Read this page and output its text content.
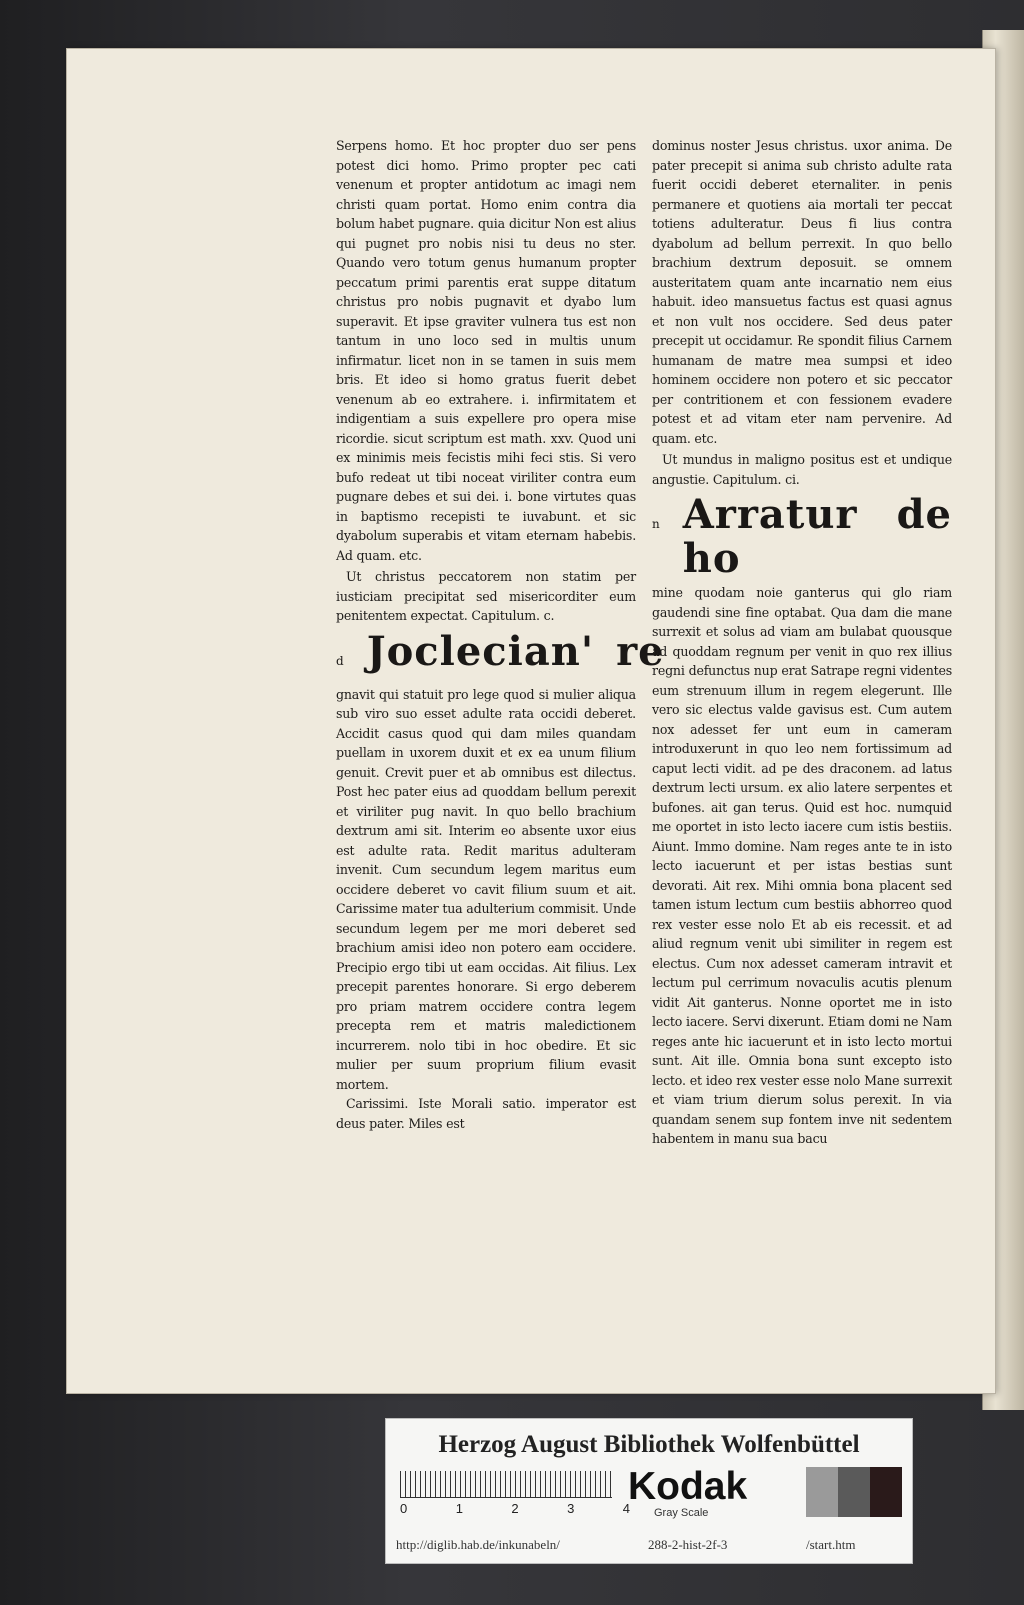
Serpens homo. Et hoc propter duo ser pens potest dici homo. Primo propter pec cati venenum et propter antidotum ac imagi nem christi quam portat. Homo enim contra dia bolum habet pugnare. quia dicitur Non est alius qui pugnet pro nobis nisi tu deus no ster. Quando vero totum genus humanum propter peccatum primi parentis erat suppe ditatum christus pro nobis pugnavit et dyabo lum superavit. Et ipse graviter vulnera tus est non tantum in uno loco sed in multis unum infirmatur. licet non in se tamen in suis mem bris. Et ideo si homo gratus fuerit debet venenum ab eo extrahere. i. infirmitatem et indigentiam a suis expellere pro opera mise ricordie. sicut scriptum est math. xxv. Quod uni ex minimis meis fecistis mihi feci stis. Si vero bufo redeat ut tibi noceat viriliter contra eum pugnare debes et sui dei. i. bone virtutes quas in baptismo recepisti te iuvabunt. et sic dyabolum superabis et vitam eternam habebis. Ad quam. etc.

Ut christus peccatorem non statim per iusticiam precipitat sed misericorditer eum penitentem expectat. Capitulum. c.

d Joclecian' re

gnavit qui statuit pro lege quod si mulier aliqua sub viro suo esset adulte rata occidi deberet. Accidit casus quod qui dam miles quandam puellam in uxorem duxit et ex ea unum filium genuit. Crevit puer et ab omnibus est dilectus. Post hec pater eius ad quoddam bellum perexit et viriliter pug navit. In quo bello brachium dextrum ami sit. Interim eo absente uxor eius est adulte rata. Redit maritus adulteram invenit. Cum secundum legem maritus eum occidere deberet vo cavit filium suum et ait. Carissime mater tua adulterium commisit. Unde secundum legem per me mori deberet sed brachium amisi ideo non potero eam occidere. Precipio ergo tibi ut eam occidas. Ait filius. Lex precepit parentes honorare. Si ergo deberem pro priam matrem occidere contra legem precepta rem et matris maledictionem incurrerem. nolo tibi in hoc obedire. Et sic mulier per suum proprium filium evasit mortem.

Carissimi. Iste Morali satio. imperator est deus pater. Miles est

dominus noster Jesus christus. uxor anima. De pater precepit si anima sub christo adulte rata fuerit occidi deberet eternaliter. in penis permanere et quotiens aia mortali ter peccat totiens adulteratur. Deus fi lius contra dyabolum ad bellum perrexit. In quo bello brachium dextrum deposuit. se omnem austeritatem quam ante incarnatio nem eius habuit. ideo mansuetus factus est quasi agnus et non vult nos occidere. Sed deus pater precepit ut occidamur. Re spondit filius Carnem humanam de matre mea sumpsi et ideo hominem occidere non potero et sic peccator per contritionem et con fessionem evadere potest et ad vitam eter nam pervenire. Ad quam. etc.

Ut mundus in maligno positus est et undique angustie. Capitulum. ci.

n Arratur de ho

mine quodam noie ganterus qui glo riam gaudendi sine fine optabat. Qua dam die mane surrexit et solus ad viam am bulabat quousque ad quoddam regnum per venit in quo rex illius regni defunctus nup erat Satrape regni videntes eum strenuum illum in regem elegerunt. Ille vero sic electus valde gavisus est. Cum autem nox adesset fer unt eum in cameram introduxerunt in quo leo nem fortissimum ad caput lecti vidit. ad pe des draconem. ad latus dextrum lecti ursum. ex alio latere serpentes et bufones. ait gan terus. Quid est hoc. numquid me oportet in isto lecto iacere cum istis bestiis. Aiunt. Immo domine. Nam reges ante te in isto lecto iacuerunt et per istas bestias sunt devorati. Ait rex. Mihi omnia bona placent sed tamen istum lectum cum bestiis abhorreo quod rex vester esse nolo Et ab eis recessit. et ad aliud regnum venit ubi similiter in regem est electus. Cum nox adesset cameram intravit et lectum pul cerrimum novaculis acutis plenum vidit Ait ganterus. Nonne oportet me in isto lecto iacere. Servi dixerunt. Etiam domi ne Nam reges ante hic iacuerunt et in isto lecto mortui sunt. Ait ille. Omnia bona sunt excepto isto lecto. et ideo rex vester esse nolo Mane surrexit et viam trium dierum solus perexit. In via quandam senem sup fontem inve nit sedentem habentem in manu sua bacu

Herzog August Bibliothek Wolfenbüttel
0	1	2	3	4
Kodak
Gray Scale
http://diglib.hab.de/inkunabeln/	288-2-hist-2f-3	/start.htm
